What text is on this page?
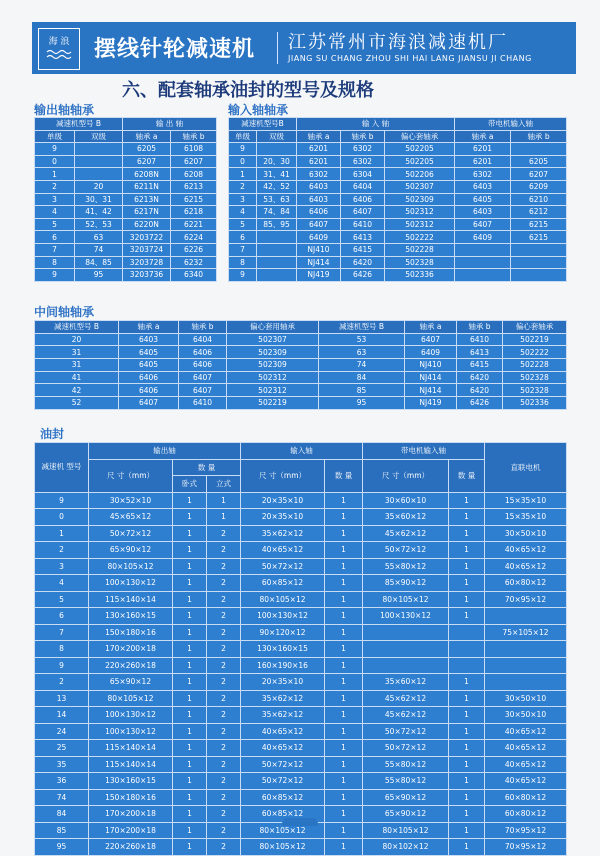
海 浪 摆线针轮减速机 江苏常州市海浪减速机厂
JIANG SU CHANG ZHOU SHI HAI LANG JIANSU JI CHANG
六、配套轴承油封的型号及规格
输出轴轴承
减速机型号 B		输 出 轴	
单级	双级	轴承 a	轴承 b
9		6205	6108
0		6207	6207
1		6208N	6208
2	20	6211N	6213
3	30、31	6213N	6215
4	41、42	6217N	6218
5	52、53	6220N	6221
6	63	3203722	6224
7	74	3203724	6226
8	84、85	3203728	6232
9	95	3203736	6340
输入轴轴承
减速机型号B		输 入 轴			带电机输入轴	
单级	双级	轴承 a	轴承 b	偏心套轴承	轴承 a	轴承 b
9		6201	6302	502205	6201	
0	20、30	6201	6302	502205	6201	6205
1	31、41	6302	6304	502206	6302	6207
2	42、52	6403	6404	502307	6403	6209
3	53、63	6403	6406	502309	6405	6210
4	74、84	6406	6407	502312	6403	6212
5	85、95	6407	6410	502312	6407	6215
6		6409	6413	502222	6409	6215
7		NJ410	6415	502228		
8		NJ414	6420	502328		
9		NJ419	6426	502336		
中间轴轴承
减速机型号 B	轴承 a	轴承 b	偏心套用轴承	减速机型号 B	轴承 a	轴承 b	偏心套轴承
20	6403	6404	502307	53	6407	6410	502219
31	6405	6406	502309	63	6409	6413	502222
31	6405	6406	502309	74	NJ410	6415	502228
41	6406	6407	502312	84	NJ414	6420	502328
42	6406	6407	502312	85	NJ414	6420	502328
52	6407	6410	502219	95	NJ419	6426	502336
油封
减速机 型号	输出轴			输入轴		带电机输入轴		直联电机
	尺 寸（mm）	数 量		尺 寸（mm）	数 量	尺 寸（mm）	数 量	
		卧式	立式					
9	30×52×10	1	1	20×35×10	1	30×60×10	1	15×35×10
0	45×65×12	1	1	20×35×10	1	35×60×12	1	15×35×10
1	50×72×12	1	2	35×62×12	1	45×62×12	1	30×50×10
2	65×90×12	1	2	40×65×12	1	50×72×12	1	40×65×12
3	80×105×12	1	2	50×72×12	1	55×80×12	1	40×65×12
4	100×130×12	1	2	60×85×12	1	85×90×12	1	60×80×12
5	115×140×14	1	2	80×105×12	1	80×105×12	1	70×95×12
6	130×160×15	1	2	100×130×12	1	100×130×12	1	
7	150×180×16	1	2	90×120×12	1			75×105×12
8	170×200×18	1	2	130×160×15	1			
9	220×260×18	1	2	160×190×16	1			
2	65×90×12	1	2	20×35×10	1	35×60×12	1	
13	80×105×12	1	2	35×62×12	1	45×62×12	1	30×50×10
14	100×130×12	1	2	35×62×12	1	45×62×12	1	30×50×10
24	100×130×12	1	2	40×65×12	1	50×72×12	1	40×65×12
25	115×140×14	1	2	40×65×12	1	50×72×12	1	40×65×12
35	115×140×14	1	2	50×72×12	1	55×80×12	1	40×65×12
36	130×160×15	1	2	50×72×12	1	55×80×12	1	40×65×12
74	150×180×16	1	2	60×85×12	1	65×90×12	1	60×80×12
84	170×200×18	1	2	60×85×12	1	65×90×12	1	60×80×12
85	170×200×18	1	2	80×105×12	1	80×105×12	1	70×95×12
95	220×260×18	1	2	80×105×12	1	80×102×12	1	70×95×12
